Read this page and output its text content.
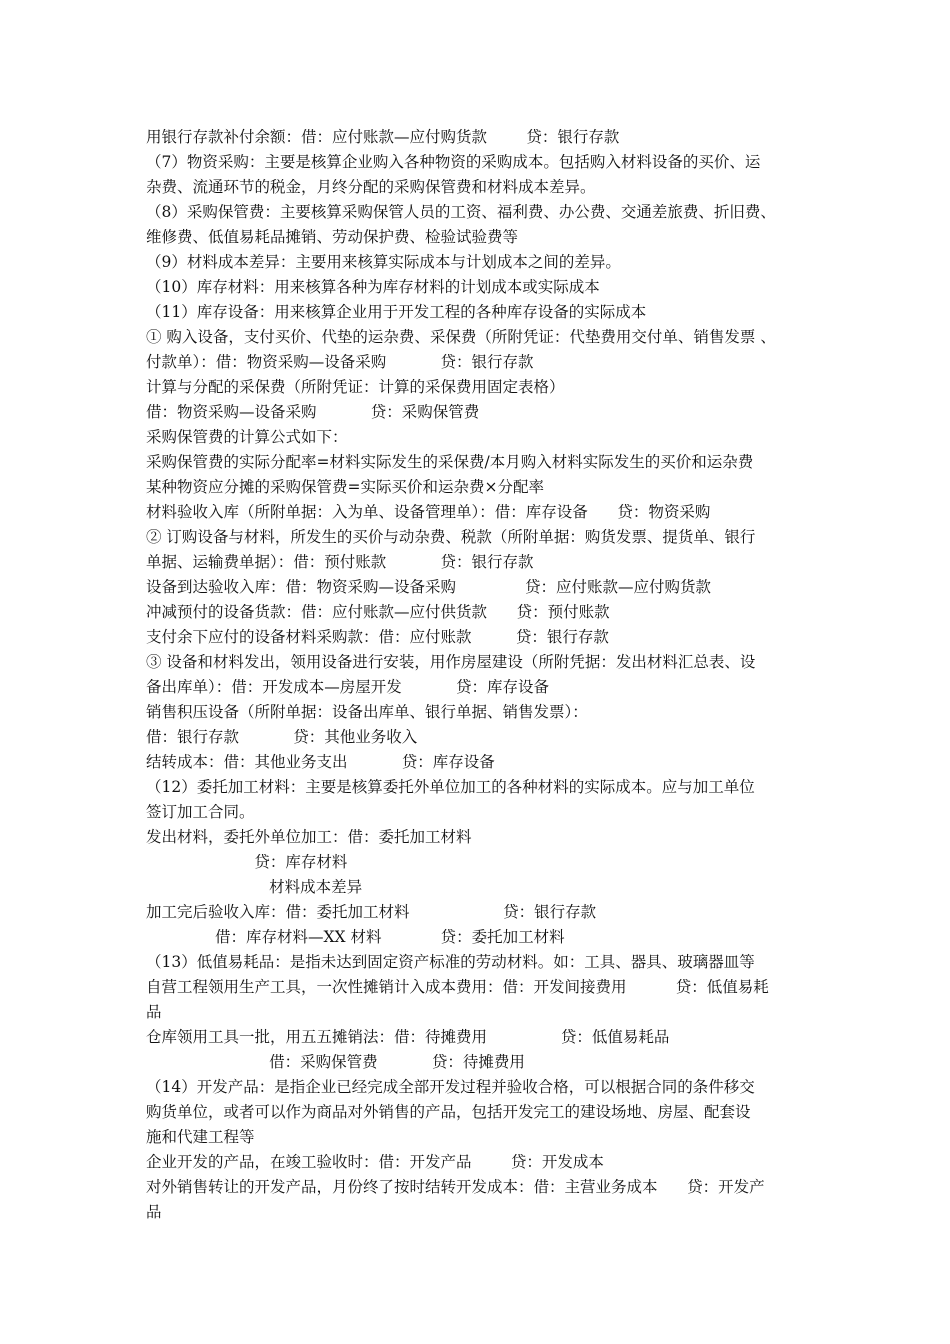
用银行存款补付余额：借：应付账款—应付购货款        贷：银行存款
（7）物资采购：主要是核算企业购入各种物资的采购成本。包括购入材料设备的买价、运
杂费、流通环节的税金，月终分配的采购保管费和材料成本差异。
（8）采购保管费：主要核算采购保管人员的工资、福利费、办公费、交通差旅费、折旧费、
维修费、低值易耗品摊销、劳动保护费、检验试验费等
（9）材料成本差异：主要用来核算实际成本与计划成本之间的差异。
（10）库存材料：用来核算各种为库存材料的计划成本或实际成本
（11）库存设备：用来核算企业用于开发工程的各种库存设备的实际成本
① 购入设备，支付买价、代垫的运杂费、采保费（所附凭证：代垫费用交付单、销售发票 、
付款单）：借：物资采购—设备采购           贷：银行存款
计算与分配的采保费（所附凭证：计算的采保费用固定表格）
借：物资采购—设备采购           贷：采购保管费
采购保管费的计算公式如下：
采购保管费的实际分配率=材料实际发生的采保费/本月购入材料实际发生的买价和运杂费
某种物资应分摊的采购保管费=实际买价和运杂费×分配率
材料验收入库（所附单据：入为单、设备管理单）：借：库存设备      贷：物资采购
② 订购设备与材料，所发生的买价与动杂费、税款（所附单据：购货发票、提货单、银行
单据、运输费单据）：借：预付账款           贷：银行存款
设备到达验收入库：借：物资采购—设备采购              贷：应付账款—应付购货款
冲减预付的设备货款：借：应付账款—应付供货款      贷：预付账款
支付余下应付的设备材料采购款：借：应付账款         贷：银行存款
③ 设备和材料发出，领用设备进行安装，用作房屋建设（所附凭据：发出材料汇总表、设
备出库单）：借：开发成本—房屋开发           贷：库存设备
销售积压设备（所附单据：设备出库单、银行单据、销售发票）：
借：银行存款           贷：其他业务收入
结转成本：借：其他业务支出           贷：库存设备
（12）委托加工材料：主要是核算委托外单位加工的各种材料的实际成本。应与加工单位
签订加工合同。
发出材料，委托外单位加工：借：委托加工材料
贷：库存材料
材料成本差异
加工完后验收入库：借：委托加工材料                   贷：银行存款
借：库存材料—XX 材料            贷：委托加工材料
（13）低值易耗品：是指未达到固定资产标准的劳动材料。如：工具、器具、玻璃器皿等
自营工程领用生产工具，一次性摊销计入成本费用：借：开发间接费用          贷：低值易耗
品
仓库领用工具一批，用五五摊销法：借：待摊费用               贷：低值易耗品
借：采购保管费           贷：待摊费用
（14）开发产品：是指企业已经完成全部开发过程并验收合格，可以根据合同的条件移交
购货单位，或者可以作为商品对外销售的产品，包括开发完工的建设场地、房屋、配套设
施和代建工程等
企业开发的产品，在竣工验收时：借：开发产品        贷：开发成本
对外销售转让的开发产品，月份终了按时结转开发成本：借：主营业务成本      贷：开发产
品
